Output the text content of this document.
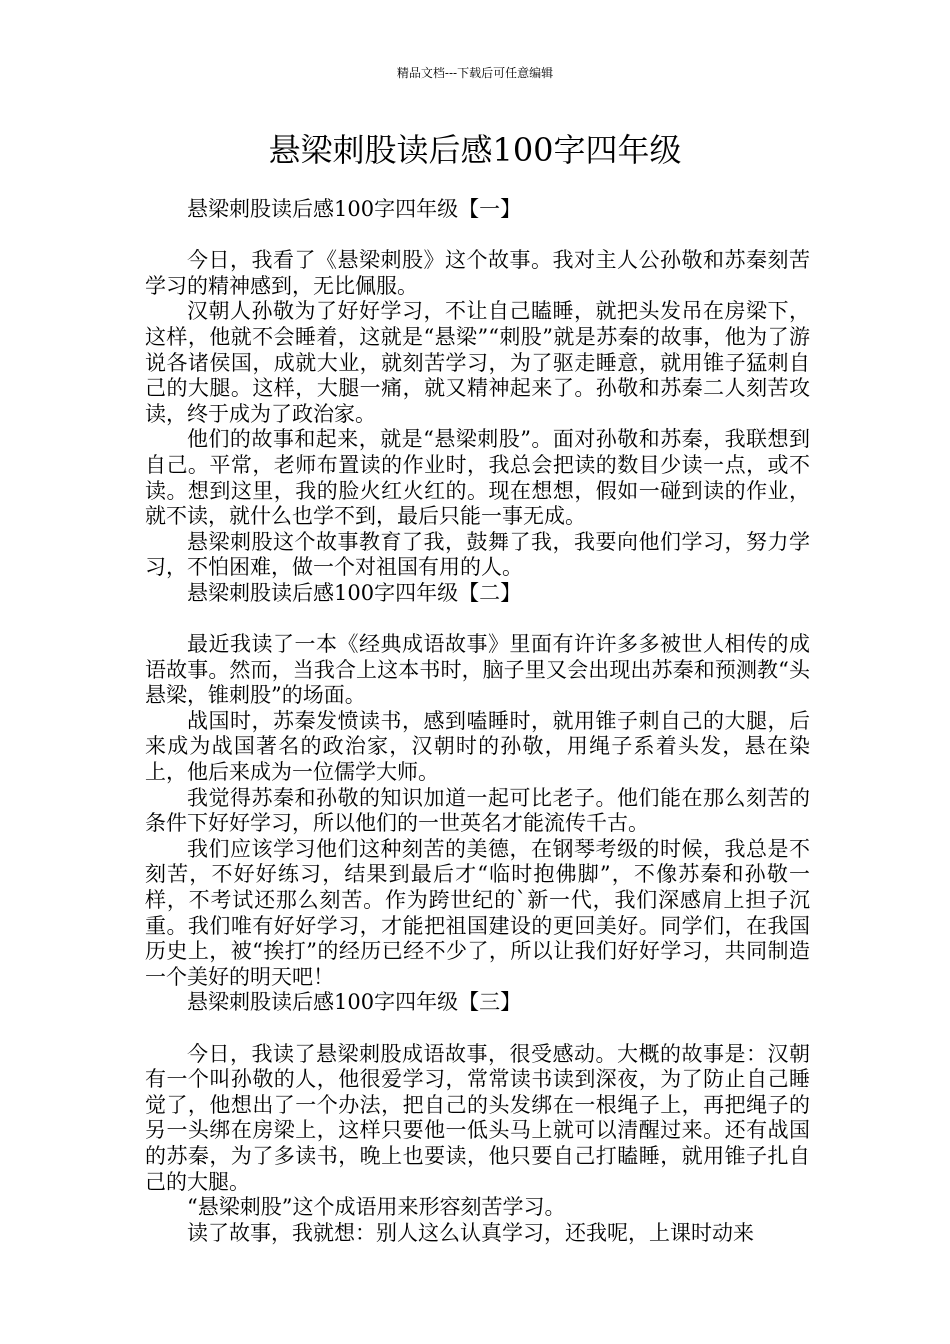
精品文档---下载后可任意编辑
悬梁刺股读后感100字四年级

悬梁刺股读后感100字四年级【一】

今日，我看了《悬梁刺股》这个故事。我对主人公孙敬和苏秦刻苦学习的精神感到，无比佩服。

汉朝人孙敬为了好好学习，不让自己瞌睡，就把头发吊在房梁下，这样，他就不会睡着，这就是“悬梁”“刺股”就是苏秦的故事，他为了游说各诸侯国，成就大业，就刻苦学习，为了驱走睡意，就用锥子猛刺自己的大腿。这样，大腿一痛，就又精神起来了。孙敬和苏秦二人刻苦攻读，终于成为了政治家。

他们的故事和起来，就是“悬梁刺股”。面对孙敬和苏秦，我联想到自己。平常，老师布置读的作业时，我总会把读的数目少读一点，或不读。想到这里，我的脸火红火红的。现在想想，假如一碰到读的作业，就不读，就什么也学不到，最后只能一事无成。

悬梁刺股这个故事教育了我，鼓舞了我，我要向他们学习，努力学习，不怕困难，做一个对祖国有用的人。

悬梁刺股读后感100字四年级【二】

最近我读了一本《经典成语故事》里面有许许多多被世人相传的成语故事。然而，当我合上这本书时，脑子里又会出现出苏秦和预测教“头悬梁，锥刺股”的场面。

战国时，苏秦发愤读书，感到嗑睡时，就用锥子刺自己的大腿，后来成为战国著名的政治家，汉朝时的孙敬，用绳子系着头发，悬在染上，他后来成为一位儒学大师。

我觉得苏秦和孙敬的知识加道一起可比老子。他们能在那么刻苦的条件下好好学习，所以他们的一世英名才能流传千古。

我们应该学习他们这种刻苦的美德，在钢琴考级的时候，我总是不刻苦，不好好练习，结果到最后才“临时抱佛脚”，不像苏秦和孙敬一样，不考试还那么刻苦。作为跨世纪的`新一代，我们深感肩上担子沉重。我们唯有好好学习，才能把祖国建设的更回美好。同学们，在我国历史上，被“挨打”的经历已经不少了，所以让我们好好学习，共同制造一个美好的明天吧！

悬梁刺股读后感100字四年级【三】

今日，我读了悬梁刺股成语故事，很受感动。大概的故事是：汉朝有一个叫孙敬的人，他很爱学习，常常读书读到深夜，为了防止自己睡觉了，他想出了一个办法，把自己的头发绑在一根绳子上，再把绳子的另一头绑在房梁上，这样只要他一低头马上就可以清醒过来。还有战国的苏秦，为了多读书，晚上也要读，他只要自己打瞌睡，就用锥子扎自己的大腿。

“悬梁刺股”这个成语用来形容刻苦学习。

读了故事，我就想：别人这么认真学习，还我呢，上课时动来
